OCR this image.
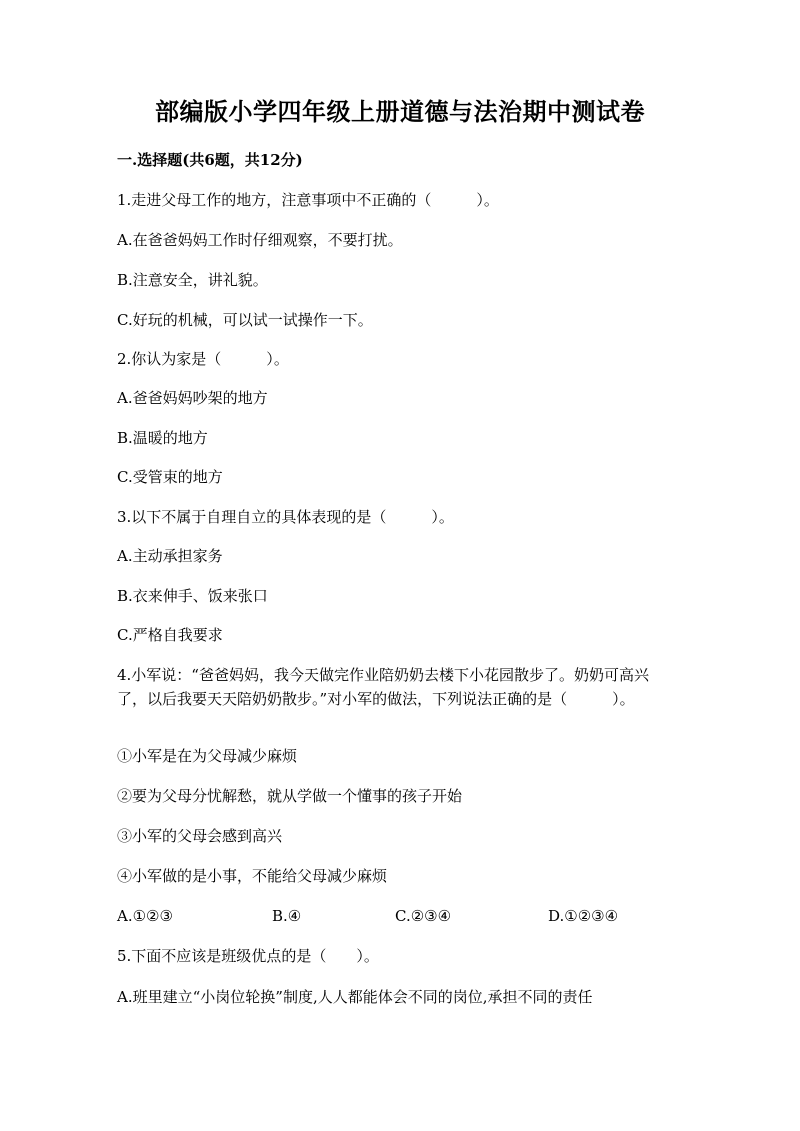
部编版小学四年级上册道德与法治期中测试卷
一.选择题(共6题，共12分)
1.走进父母工作的地方，注意事项中不正确的（　　　）。
A.在爸爸妈妈工作时仔细观察，不要打扰。
B.注意安全，讲礼貌。
C.好玩的机械，可以试一试操作一下。
2.你认为家是（　　　）。
A.爸爸妈妈吵架的地方
B.温暖的地方
C.受管束的地方
3.以下不属于自理自立的具体表现的是（　　　）。
A.主动承担家务
B.衣来伸手、饭来张口
C.严格自我要求
4.小军说：“爸爸妈妈，我今天做完作业陪奶奶去楼下小花园散步了。奶奶可高兴了，以后我要天天陪奶奶散步。”对小军的做法，下列说法正确的是（　　　）。
①小军是在为父母减少麻烦
②要为父母分忧解愁，就从学做一个懂事的孩子开始
③小军的父母会感到高兴
④小军做的是小事，不能给父母减少麻烦
A.①②③	B.④	C.②③④	D.①②③④
5.下面不应该是班级优点的是（　　）。
A.班里建立“小岗位轮换”制度,人人都能体会不同的岗位,承担不同的责任
